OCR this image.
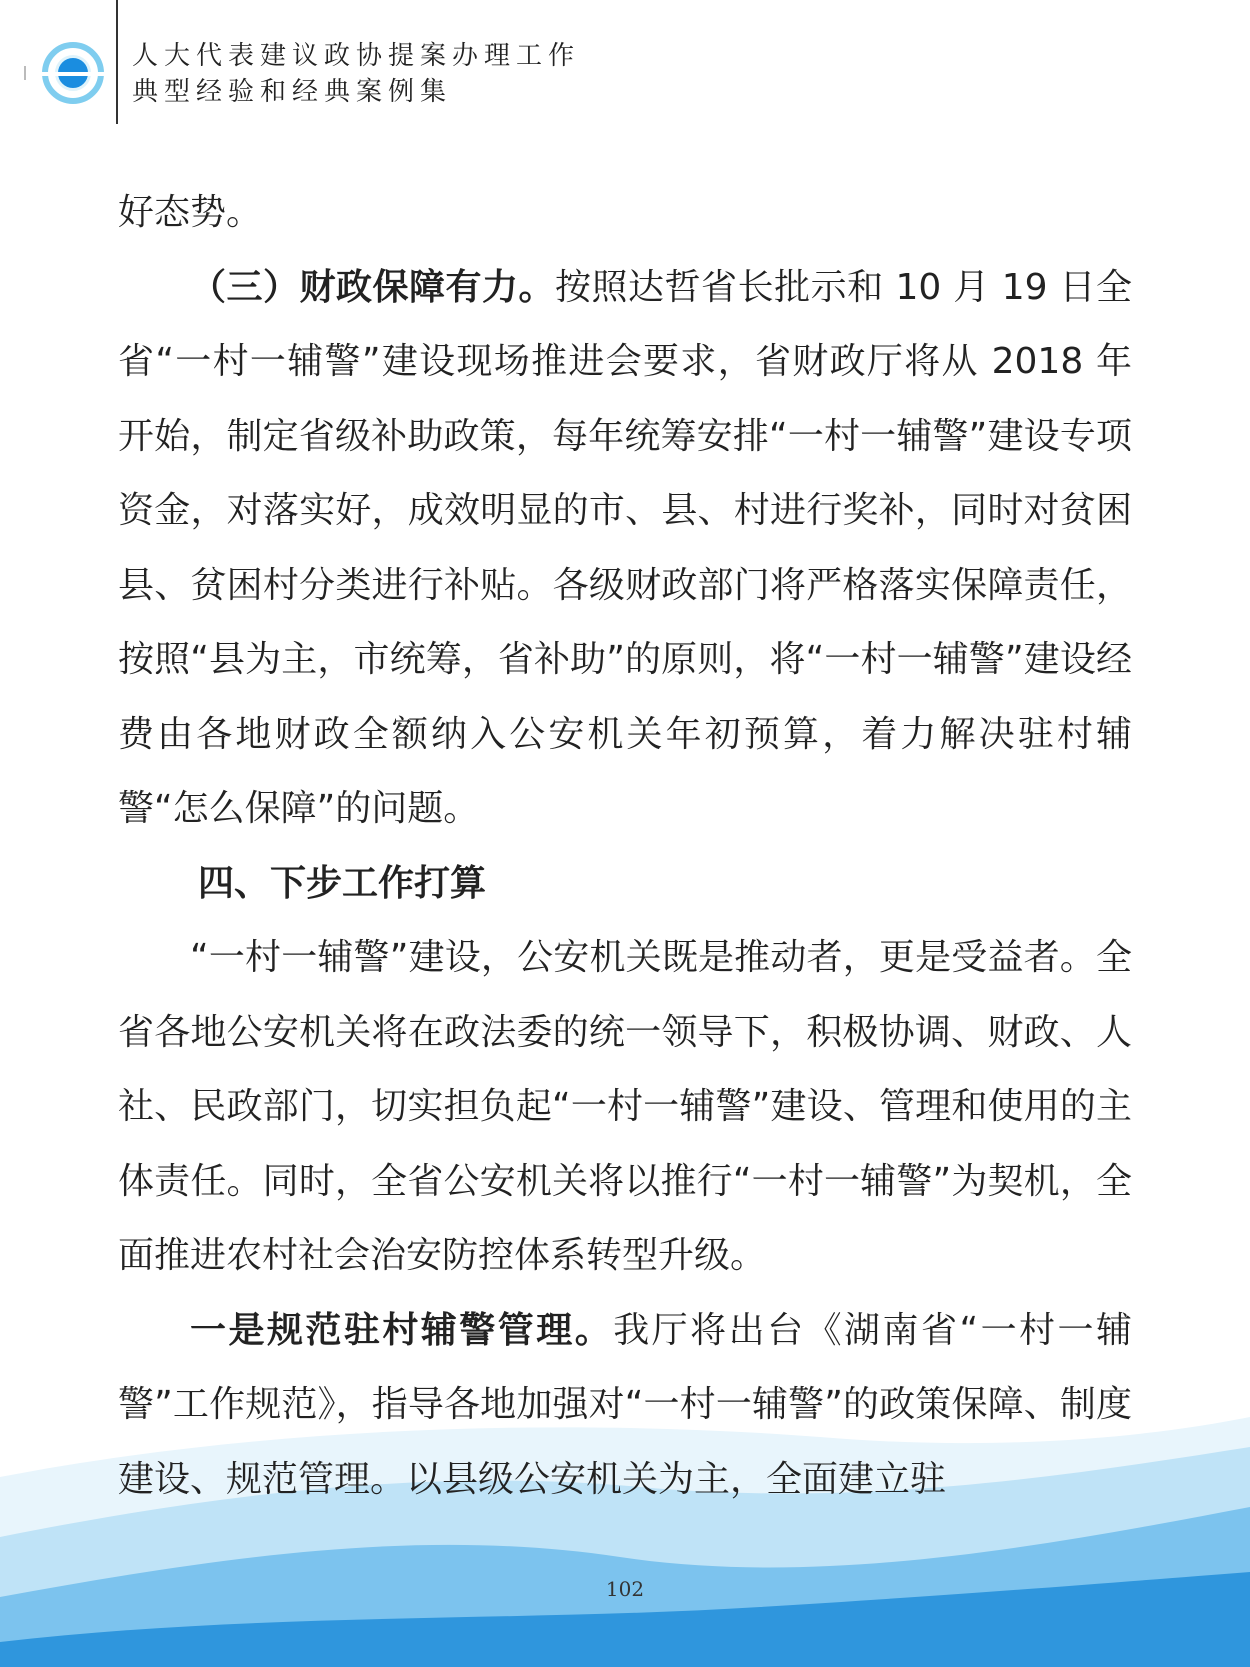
人大代表建议政协提案办理工作
典型经验和经典案例集

好态势。

（三）财政保障有力。按照达哲省长批示和 10 月 19 日全省“一村一辅警”建设现场推进会要求，省财政厅将从 2018 年开始，制定省级补助政策，每年统筹安排“一村一辅警”建设专项资金，对落实好，成效明显的市、县、村进行奖补，同时对贫困县、贫困村分类进行补贴。各级财政部门将严格落实保障责任，按照“县为主，市统筹，省补助”的原则，将“一村一辅警”建设经费由各地财政全额纳入公安机关年初预算，着力解决驻村辅警“怎么保障”的问题。

四、下步工作打算

“一村一辅警”建设，公安机关既是推动者，更是受益者。全省各地公安机关将在政法委的统一领导下，积极协调、财政、人社、民政部门，切实担负起“一村一辅警”建设、管理和使用的主体责任。同时，全省公安机关将以推行“一村一辅警”为契机，全面推进农村社会治安防控体系转型升级。

一是规范驻村辅警管理。我厅将出台《湖南省“一村一辅警”工作规范》，指导各地加强对“一村一辅警”的政策保障、制度建设、规范管理。以县级公安机关为主，全面建立驻

102
